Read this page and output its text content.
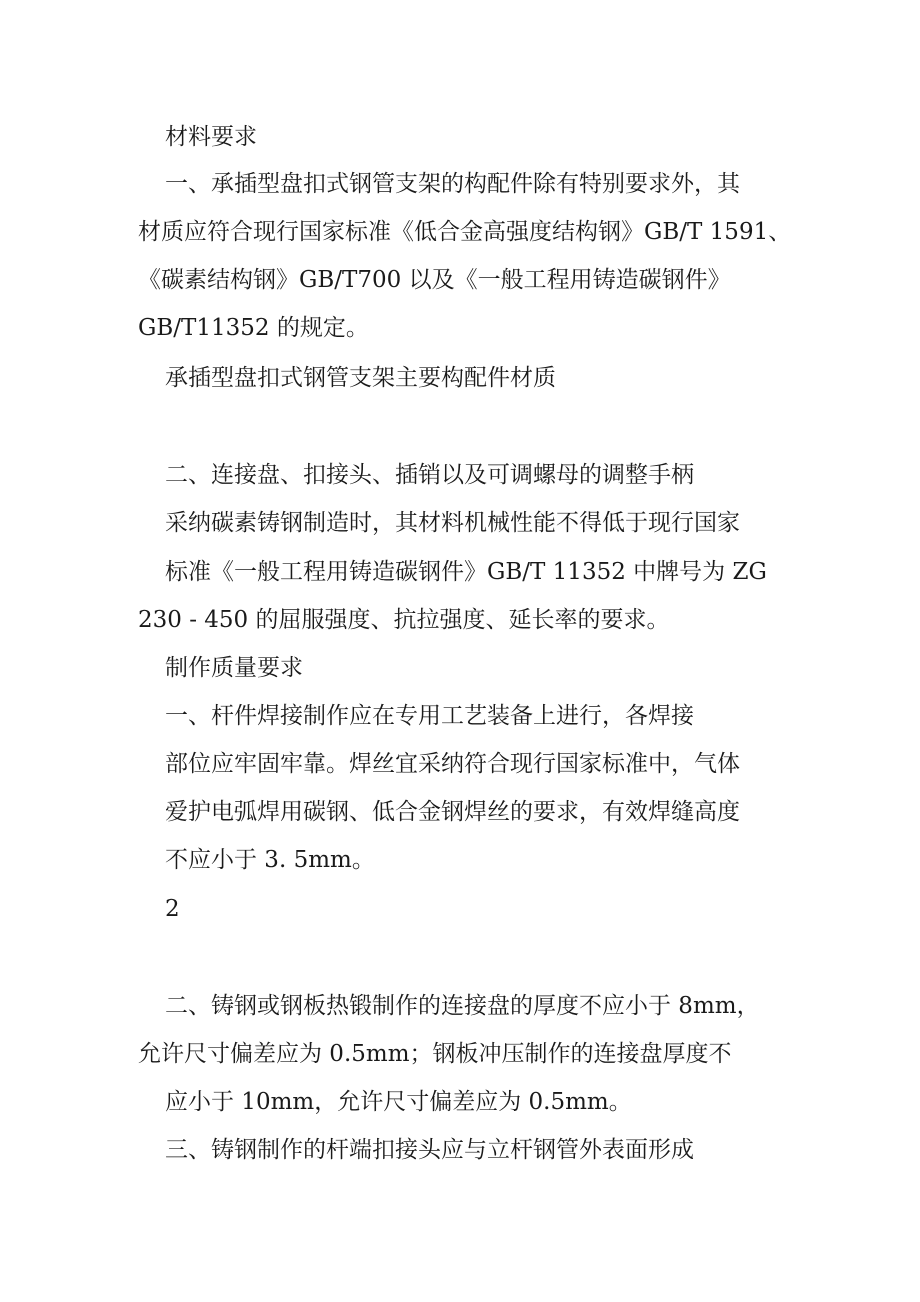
材料要求
一、承插型盘扣式钢管支架的构配件除有特别要求外，其
材质应符合现行国家标准《低合金高强度结构钢》GB/T 1591、
《碳素结构钢》GB/T700 以及《一般工程用铸造碳钢件》
GB/T11352 的规定。
承插型盘扣式钢管支架主要构配件材质
二、连接盘、扣接头、插销以及可调螺母的调整手柄
采纳碳素铸钢制造时，其材料机械性能不得低于现行国家
标准《一般工程用铸造碳钢件》GB/T 11352 中牌号为 ZG
230 - 450 的屈服强度、抗拉强度、延长率的要求。
制作质量要求
一、杆件焊接制作应在专用工艺装备上进行，各焊接
部位应牢固牢靠。焊丝宜采纳符合现行国家标准中，气体
爱护电弧焊用碳钢、低合金钢焊丝的要求，有效焊缝高度
不应小于 3. 5mm。
2
二、铸钢或钢板热锻制作的连接盘的厚度不应小于 8mm，
允许尺寸偏差应为 0.5mm；钢板冲压制作的连接盘厚度不
应小于 10mm，允许尺寸偏差应为 0.5mm。
三、铸钢制作的杆端扣接头应与立杆钢管外表面形成
